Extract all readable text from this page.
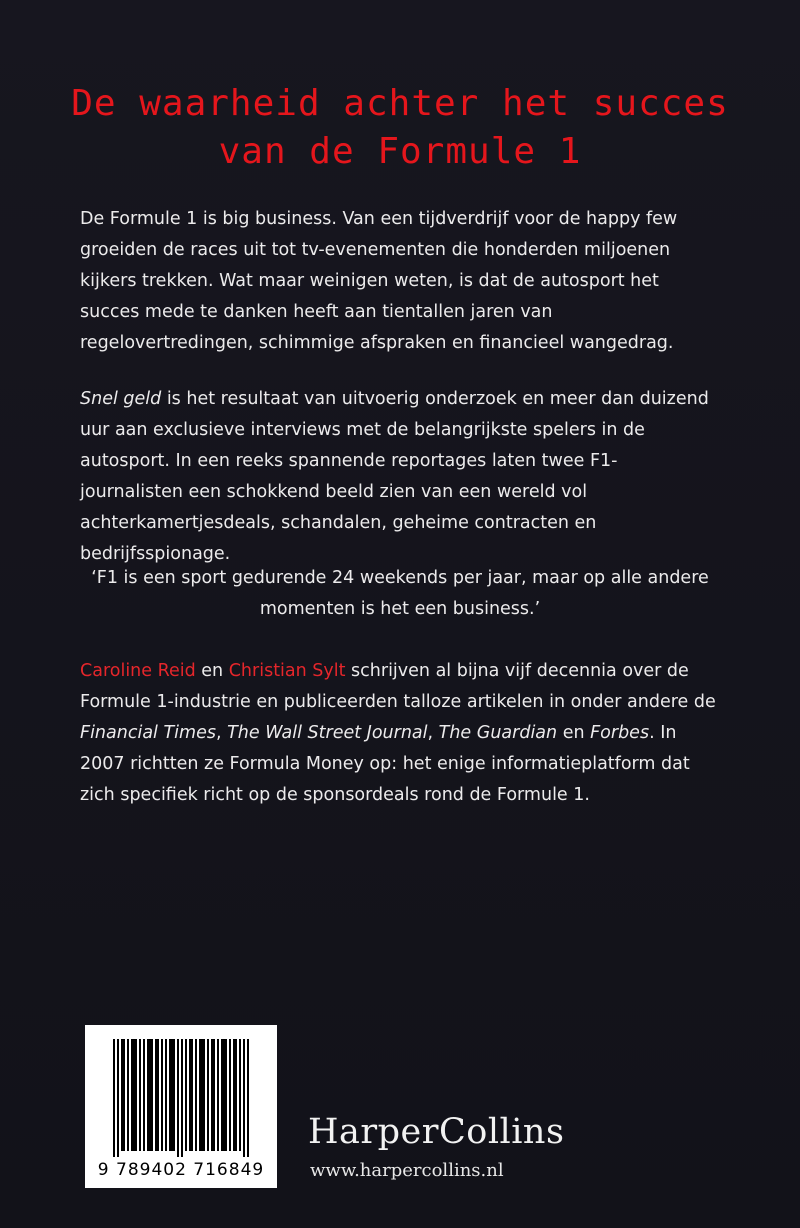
De waarheid achter het succes
van de Formule 1

De Formule 1 is big business. Van een tijdverdrijf voor de happy few groeiden de races uit tot tv-evenementen die honderden miljoenen kijkers trekken. Wat maar weinigen weten, is dat de autosport het succes mede te danken heeft aan tientallen jaren van regelovertredingen, schimmige afspraken en financieel wangedrag.

Snel geld is het resultaat van uitvoerig onderzoek en meer dan duizend uur aan exclusieve interviews met de belangrijkste spelers in de autosport. In een reeks spannende reportages laten twee F1-journalisten een schokkend beeld zien van een wereld vol achterkamertjesdeals, schandalen, geheime contracten en bedrijfsspionage.

‘F1 is een sport gedurende 24 weekends per jaar, maar op alle andere momenten is het een business.’

Caroline Reid en Christian Sylt schrijven al bijna vijf decennia over de Formule 1-industrie en publiceerden talloze artikelen in onder andere de Financial Times, The Wall Street Journal, The Guardian en Forbes. In 2007 richtten ze Formula Money op: het enige informatieplatform dat zich specifiek richt op de sponsordeals rond de Formule 1.

9 789402 716849
HarperCollins
www.harpercollins.nl
